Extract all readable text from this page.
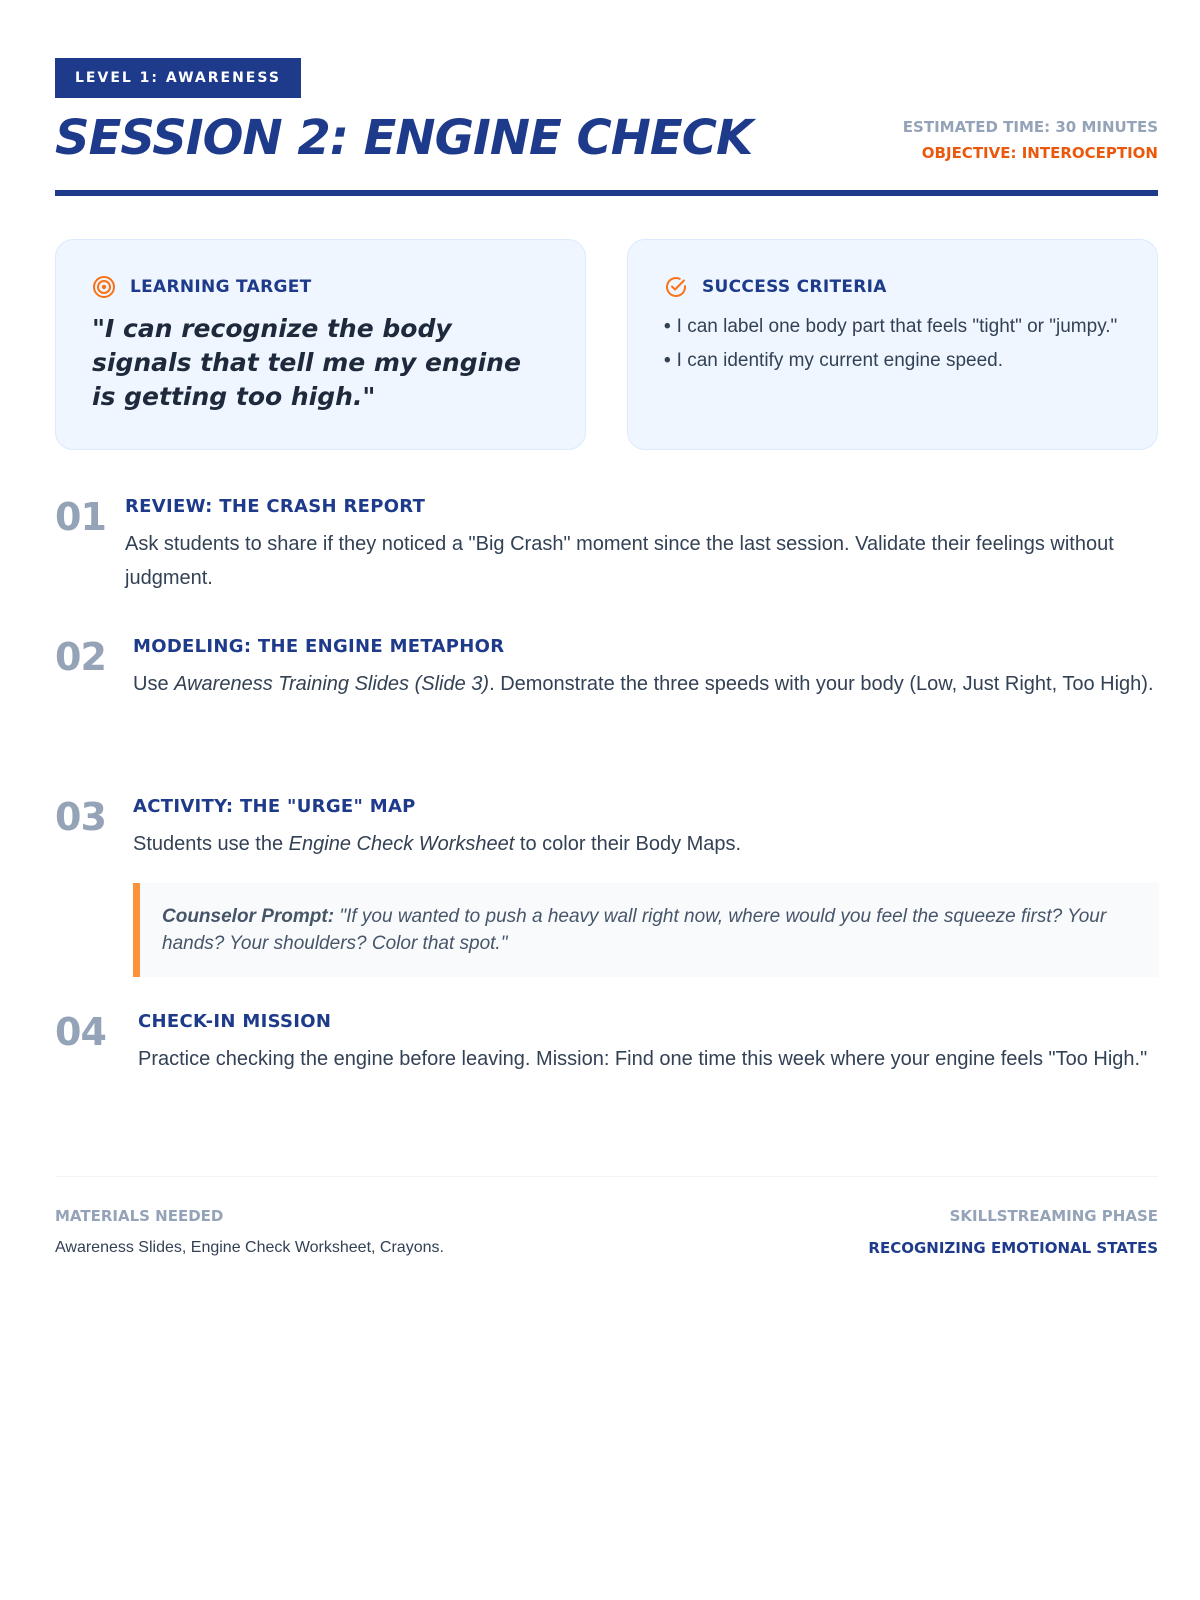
LEVEL 1: AWARENESS
SESSION 2: ENGINE CHECK	ESTIMATED TIME: 30 MINUTES
OBJECTIVE: INTEROCEPTION
LEARNING TARGET

"I can recognize the body signals that tell me my engine is getting too high."

SUCCESS CRITERIA
• I can label one body part that feels "tight" or "jumpy."
• I can identify my current engine speed.
01 REVIEW: THE CRASH REPORT

Ask students to share if they noticed a "Big Crash" moment since the last session. Validate their feelings without judgment.

02 MODELING: THE ENGINE METAPHOR

Use Awareness Training Slides (Slide 3). Demonstrate the three speeds with your body (Low, Just Right, Too High).

03 ACTIVITY: THE "URGE" MAP

Students use the Engine Check Worksheet to color their Body Maps.

Counselor Prompt: "If you wanted to push a heavy wall right now, where would you feel the squeeze first? Your hands? Your shoulders? Color that spot."

04 CHECK-IN MISSION

Practice checking the engine before leaving. Mission: Find one time this week where your engine feels "Too High."

MATERIALS NEEDED
Awareness Slides, Engine Check Worksheet, Crayons.
SKILLSTREAMING PHASE
RECOGNIZING EMOTIONAL STATES
